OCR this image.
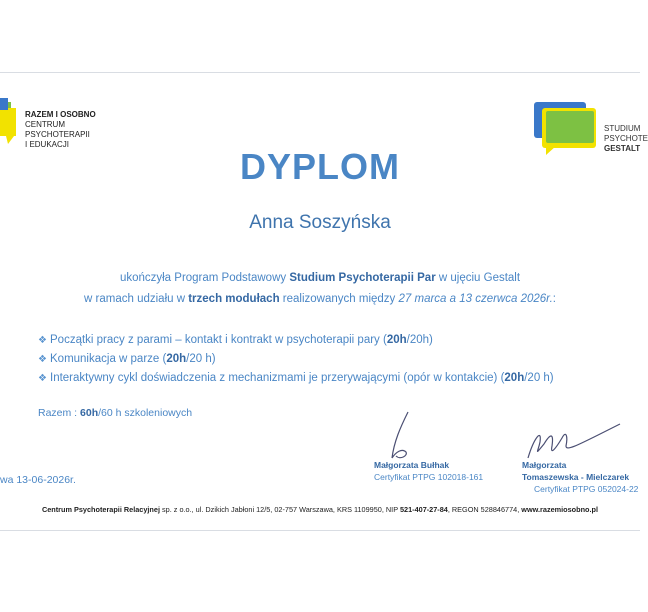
RAZEM I OSOBNO
CENTRUM
PSYCHOTERAPII
I EDUKACJI
STUDIUM
PSYCHOTE
GESTALT
DYPLOM
Anna Soszyńska
ukończyła Program Podstawowy Studium Psychoterapii Par w ujęciu Gestalt
w ramach udziału w trzech modułach realizowanych między 27 marca a 13 czerwca 2026r.:
❖ Początki pracy z parami – kontakt i kontrakt w psychoterapii pary (20h/20h)
❖ Komunikacja w parze (20h/20 h)
❖ Interaktywny cykl doświadczenia z mechanizmami je przerywającymi (opór w kontakcie) (20h/20 h)
Razem : 60h/60 h szkoleniowych
wa 13-06-2026r.
Małgorzata Bułhak
Certyfikat PTPG 102018-161
Małgorzata
Tomaszewska - Mielczarek
Certyfikat PTPG 052024-22
Centrum Psychoterapii Relacyjnej sp. z o.o., ul. Dzikich Jabłoni 12/5, 02-757 Warszawa, KRS 1109950, NIP 521-407-27-84, REGON 528846774, www.razemiosobno.pl
